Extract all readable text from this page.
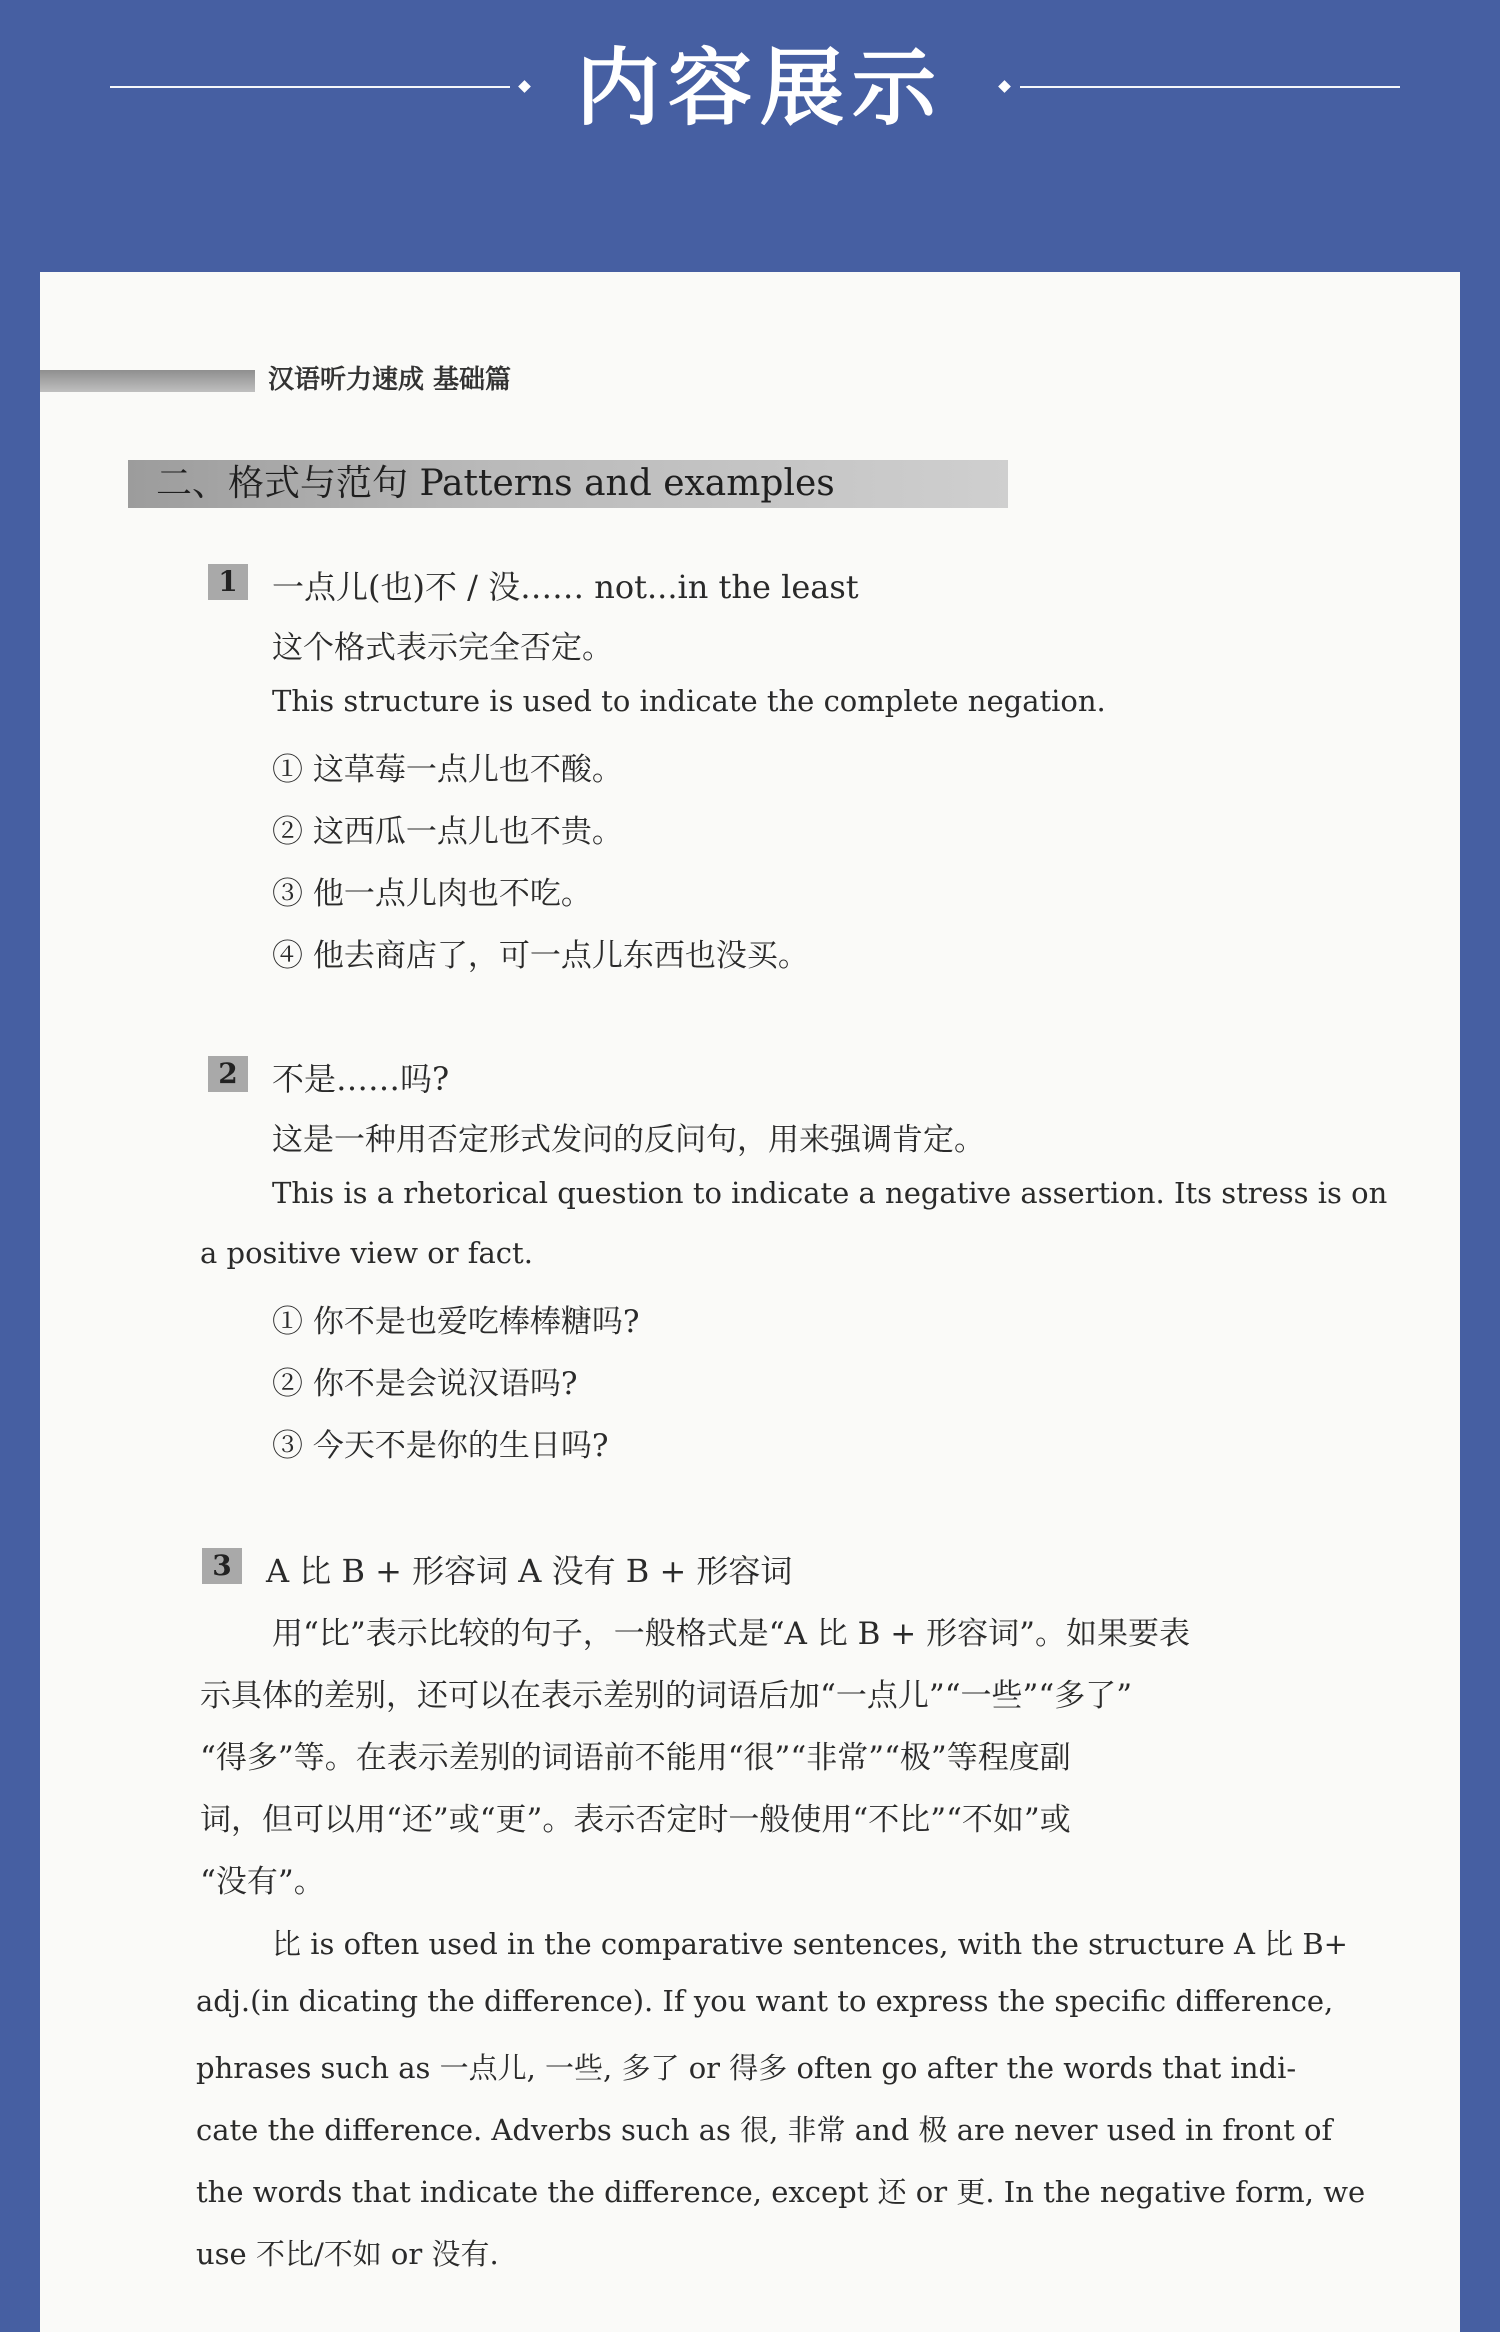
内容展示
汉语听力速成 基础篇
二、格式与范句 Patterns and examples
1	一点儿(也)不 / 没…… not...in the least
这个格式表示完全否定。
This structure is used to indicate the complete negation.
① 这草莓一点儿也不酸。
② 这西瓜一点儿也不贵。
③ 他一点儿肉也不吃。
④ 他去商店了，可一点儿东西也没买。
2	不是……吗?
这是一种用否定形式发问的反问句，用来强调肯定。
This is a rhetorical question to indicate a negative assertion. Its stress is on
a positive view or fact.
① 你不是也爱吃棒棒糖吗?
② 你不是会说汉语吗?
③ 今天不是你的生日吗?
3	A 比 B + 形容词 A 没有 B + 形容词
用“比”表示比较的句子，一般格式是“A 比 B + 形容词”。如果要表
示具体的差别，还可以在表示差别的词语后加“一点儿”“一些”“多了”
“得多”等。在表示差别的词语前不能用“很”“非常”“极”等程度副
词，但可以用“还”或“更”。表示否定时一般使用“不比”“不如”或
“没有”。
比 is often used in the comparative sentences, with the structure A 比 B+
adj.(in dicating the difference). If you want to express the specific difference,
phrases such as 一点儿, 一些, 多了 or 得多 often go after the words that indi-
cate the difference. Adverbs such as 很, 非常 and 极 are never used in front of
the words that indicate the difference, except 还 or 更. In the negative form, we
use 不比/不如 or 没有.
